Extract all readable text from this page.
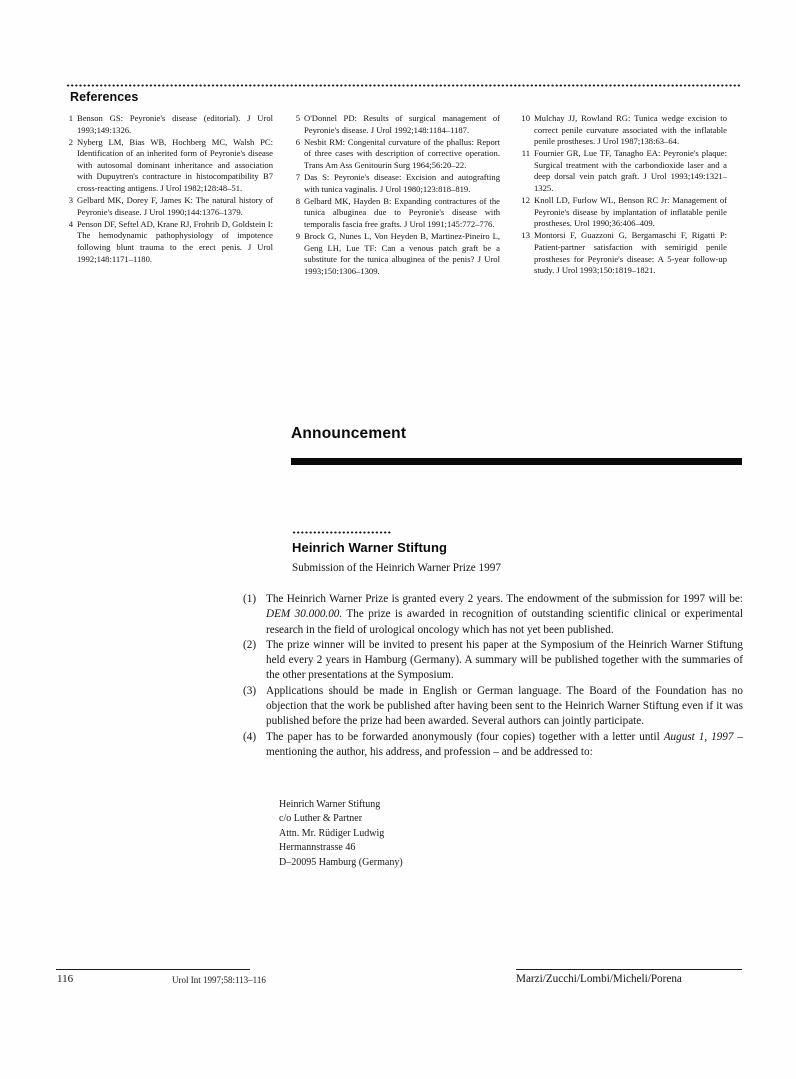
References
1 Benson GS: Peyronie's disease (editorial). J Urol 1993;149:1326.
2 Nyberg LM, Bias WB, Hochberg MC, Walsh PC: Identification of an inherited form of Peyronie's disease with autosomal dominant inheritance and association with Dupuytren's contracture in histocompatibility B7 cross-reacting antigens. J Urol 1982;128:48–51.
3 Gelbard MK, Dorey F, James K: The natural history of Peyronie's disease. J Urol 1990;144:1376–1379.
4 Penson DF, Seftel AD, Krane RJ, Frohrib D, Goldstein I: The hemodynamic pathophysiology of impotence following blunt trauma to the erect penis. J Urol 1992;148:1171–1180.
5 O'Donnel PD: Results of surgical management of Peyronie's disease. J Urol 1992;148:1184–1187.
6 Nesbit RM: Congenital curvature of the phallus: Report of three cases with description of corrective operation. Trans Am Ass Genitourin Surg 1964;56:20–22.
7 Das S: Peyronie's disease: Excision and autografting with tunica vaginalis. J Urol 1980;123:818–819.
8 Gelbard MK, Hayden B: Expanding contractures of the tunica albuginea due to Peyronie's disease with temporalis fascia free grafts. J Urol 1991;145:772–776.
9 Brock G, Nunes L, Von Heyden B, Martinez-Pineiro L, Geng LH, Lue TF: Can a venous patch graft be a substitute for the tunica albuginea of the penis? J Urol 1993;150:1306–1309.
10 Mulchay JJ, Rowland RG: Tunica wedge excision to correct penile curvature associated with the inflatable penile prostheses. J Urol 1987;138:63–64.
11 Fournier GR, Lue TF, Tanagho EA: Peyronie's plaque: Surgical treatment with the carbondioxide laser and a deep dorsal vein patch graft. J Urol 1993;149:1321–1325.
12 Knoll LD, Furlow WL, Benson RC Jr: Management of Peyronie's disease by implantation of inflatable penile prostheses. Urol 1990;36:406–409.
13 Montorsi F, Guazzoni G, Bergamaschi F, Rigatti P: Patient-partner satisfaction with semirigid penile prostheses for Peyronie's disease: A 5-year follow-up study. J Urol 1993;150:1819–1821.
Announcement
Heinrich Warner Stiftung
Submission of the Heinrich Warner Prize 1997
(1) The Heinrich Warner Prize is granted every 2 years. The endowment of the submission for 1997 will be: DEM 30.000.00. The prize is awarded in recognition of outstanding scientific clinical or experimental research in the field of urological oncology which has not yet been published.
(2) The prize winner will be invited to present his paper at the Symposium of the Heinrich Warner Stiftung held every 2 years in Hamburg (Germany). A summary will be published together with the summaries of the other presentations at the Symposium.
(3) Applications should be made in English or German language. The Board of the Foundation has no objection that the work be published after having been sent to the Heinrich Warner Stiftung even if it was published before the prize had been awarded. Several authors can jointly participate.
(4) The paper has to be forwarded anonymously (four copies) together with a letter until August 1, 1997 – mentioning the author, his address, and profession – and be addressed to:
Heinrich Warner Stiftung
c/o Luther & Partner
Attn. Mr. Rüdiger Ludwig
Hermannstrasse 46
D–20095 Hamburg (Germany)
116	Urol Int 1997;58:113–116	Marzi/Zucchi/Lombi/Micheli/Porena
